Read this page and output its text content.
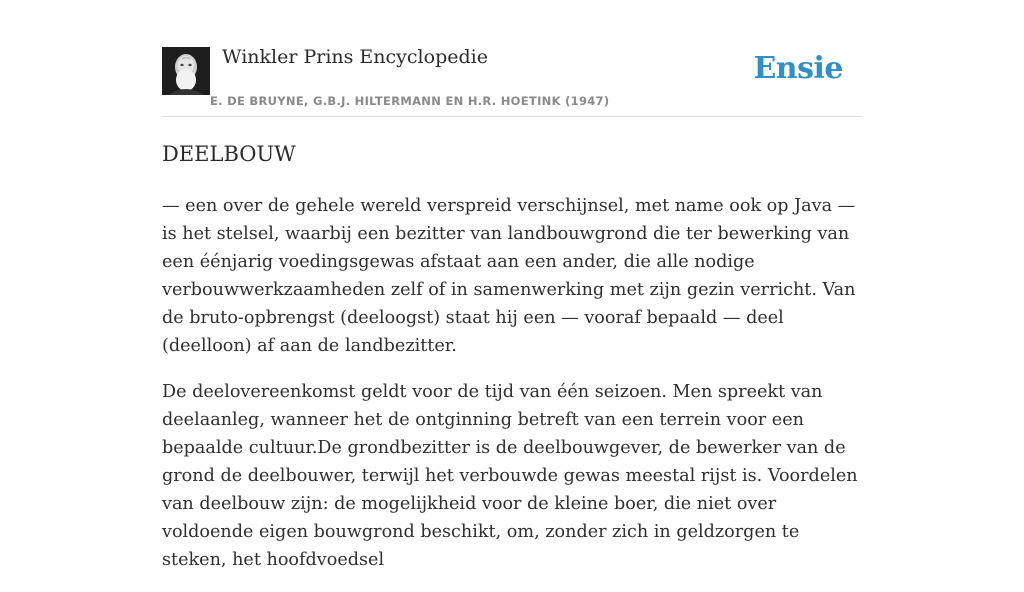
Winkler Prins Encyclopedie
E. DE BRUYNE, G.B.J. HILTERMANN EN H.R. HOETINK (1947)
Ensie
DEELBOUW

— een over de gehele wereld verspreid verschijnsel, met name ook op Java — is het stelsel, waarbij een bezitter van landbouwgrond die ter bewerking van een éénjarig voedingsgewas afstaat aan een ander, die alle nodige verbouwwerkzaamheden zelf of in samenwerking met zijn gezin verricht. Van de bruto-opbrengst (deeloogst) staat hij een — vooraf bepaald — deel (deelloon) af aan de landbezitter.

De deelovereenkomst geldt voor de tijd van één seizoen. Men spreekt van deelaanleg, wanneer het de ontginning betreft van een terrein voor een bepaalde cultuur.De grondbezitter is de deelbouwgever, de bewerker van de grond de deelbouwer, terwijl het verbouwde gewas meestal rijst is. Voordelen van deelbouw zijn: de mogelijkheid voor de kleine boer, die niet over voldoende eigen bouwgrond beschikt, om, zonder zich in geldzorgen te steken, het hoofdvoedsel
